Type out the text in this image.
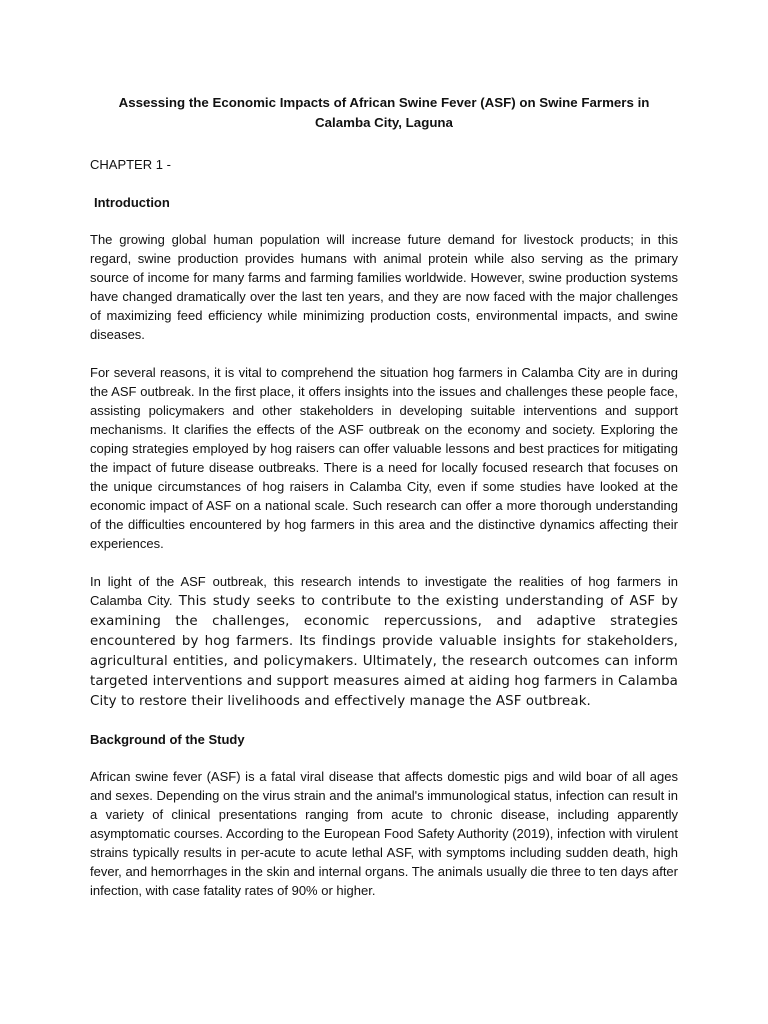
Assessing the Economic Impacts of African Swine Fever (ASF) on Swine Farmers in Calamba City, Laguna
CHAPTER 1 -
Introduction

The growing global human population will increase future demand for livestock products; in this regard, swine production provides humans with animal protein while also serving as the primary source of income for many farms and farming families worldwide. However, swine production systems have changed dramatically over the last ten years, and they are now faced with the major challenges of maximizing feed efficiency while minimizing production costs, environmental impacts, and swine diseases.

For several reasons, it is vital to comprehend the situation hog farmers in Calamba City are in during the ASF outbreak. In the first place, it offers insights into the issues and challenges these people face, assisting policymakers and other stakeholders in developing suitable interventions and support mechanisms. It clarifies the effects of the ASF outbreak on the economy and society. Exploring the coping strategies employed by hog raisers can offer valuable lessons and best practices for mitigating the impact of future disease outbreaks. There is a need for locally focused research that focuses on the unique circumstances of hog raisers in Calamba City, even if some studies have looked at the economic impact of ASF on a national scale. Such research can offer a more thorough understanding of the difficulties encountered by hog farmers in this area and the distinctive dynamics affecting their experiences.

In light of the ASF outbreak, this research intends to investigate the realities of hog farmers in Calamba City. This study seeks to contribute to the existing understanding of ASF by examining the challenges, economic repercussions, and adaptive strategies encountered by hog farmers. Its findings provide valuable insights for stakeholders, agricultural entities, and policymakers. Ultimately, the research outcomes can inform targeted interventions and support measures aimed at aiding hog farmers in Calamba City to restore their livelihoods and effectively manage the ASF outbreak.

Background of the Study

African swine fever (ASF) is a fatal viral disease that affects domestic pigs and wild boar of all ages and sexes. Depending on the virus strain and the animal's immunological status, infection can result in a variety of clinical presentations ranging from acute to chronic disease, including apparently asymptomatic courses. According to the European Food Safety Authority (2019), infection with virulent strains typically results in per-acute to acute lethal ASF, with symptoms including sudden death, high fever, and hemorrhages in the skin and internal organs. The animals usually die three to ten days after infection, with case fatality rates of 90% or higher.
